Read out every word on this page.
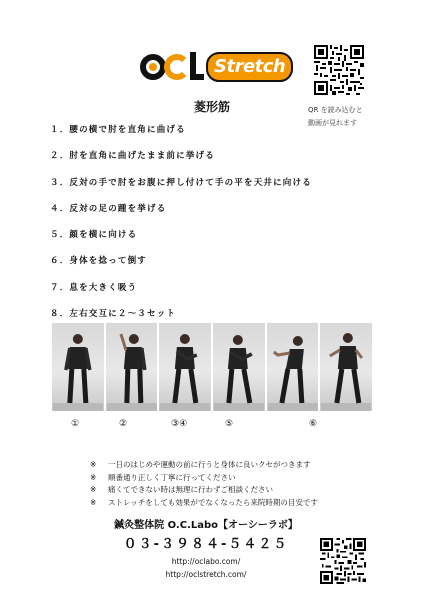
Stretch
QR を読み込むと
動画が見れます
菱形筋
１．腰の横で肘を直角に曲げる
２．肘を直角に曲げたまま前に挙げる
３．反対の手で肘をお腹に押し付けて手の平を天井に向ける
４．反対の足の踵を挙げる
５．顔を横に向ける
６．身体を捻って倒す
７．息を大きく吸う
８．左右交互に２～３セット
①	②	③④	⑤	⑥
※ 一日のはじめや運動の前に行うと身体に良いクセがつきます
※ 順番通り正しく丁寧に行ってください
※ 痛くてできない時は無理に行わずご相談ください
※ ストレッチをしても効果がでなくなったら来院時期の目安です
鍼灸整体院 O.C.Labo【オーシーラボ】
０３-３９８４-５４２５
http://oclabo.com/
http://oclstretch.com/
